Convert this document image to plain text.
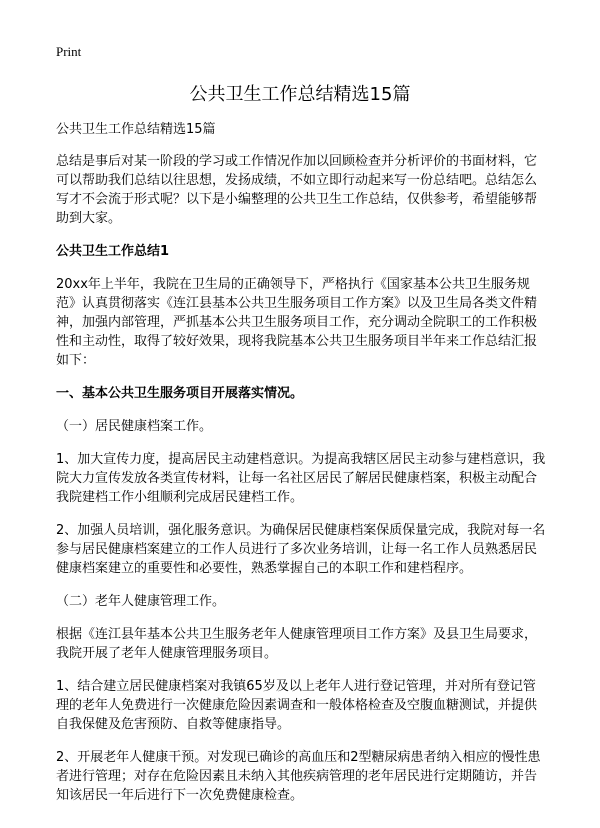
Print
公共卫生工作总结精选15篇

公共卫生工作总结精选15篇

总结是事后对某一阶段的学习或工作情况作加以回顾检查并分析评价的书面材料，它可以帮助我们总结以往思想，发扬成绩，不如立即行动起来写一份总结吧。总结怎么写才不会流于形式呢？以下是小编整理的公共卫生工作总结，仅供参考，希望能够帮助到大家。

公共卫生工作总结1

20xx年上半年，我院在卫生局的正确领导下，严格执行《国家基本公共卫生服务规范》认真贯彻落实《连江县基本公共卫生服务项目工作方案》以及卫生局各类文件精神，加强内部管理，严抓基本公共卫生服务项目工作，充分调动全院职工的工作积极性和主动性，取得了较好效果，现将我院基本公共卫生服务项目半年来工作总结汇报如下：

一、基本公共卫生服务项目开展落实情况。

（一）居民健康档案工作。

1、加大宣传力度，提高居民主动建档意识。为提高我辖区居民主动参与建档意识，我院大力宣传发放各类宣传材料，让每一名社区居民了解居民健康档案，积极主动配合我院建档工作小组顺利完成居民建档工作。

2、加强人员培训，强化服务意识。为确保居民健康档案保质保量完成，我院对每一名参与居民健康档案建立的工作人员进行了多次业务培训，让每一名工作人员熟悉居民健康档案建立的重要性和必要性，熟悉掌握自己的本职工作和建档程序。

（二）老年人健康管理工作。

根据《连江县年基本公共卫生服务老年人健康管理项目工作方案》及县卫生局要求，我院开展了老年人健康管理服务项目。

1、结合建立居民健康档案对我镇65岁及以上老年人进行登记管理，并对所有登记管理的老年人免费进行一次健康危险因素调查和一般体格检查及空腹血糖测试，并提供自我保健及危害预防、自救等健康指导。

2、开展老年人健康干预。对发现已确诊的高血压和2型糖尿病患者纳入相应的慢性患者进行管理；对存在危险因素且未纳入其他疾病管理的老年居民进行定期随访，并告知该居民一年后进行下一次免费健康检查。
